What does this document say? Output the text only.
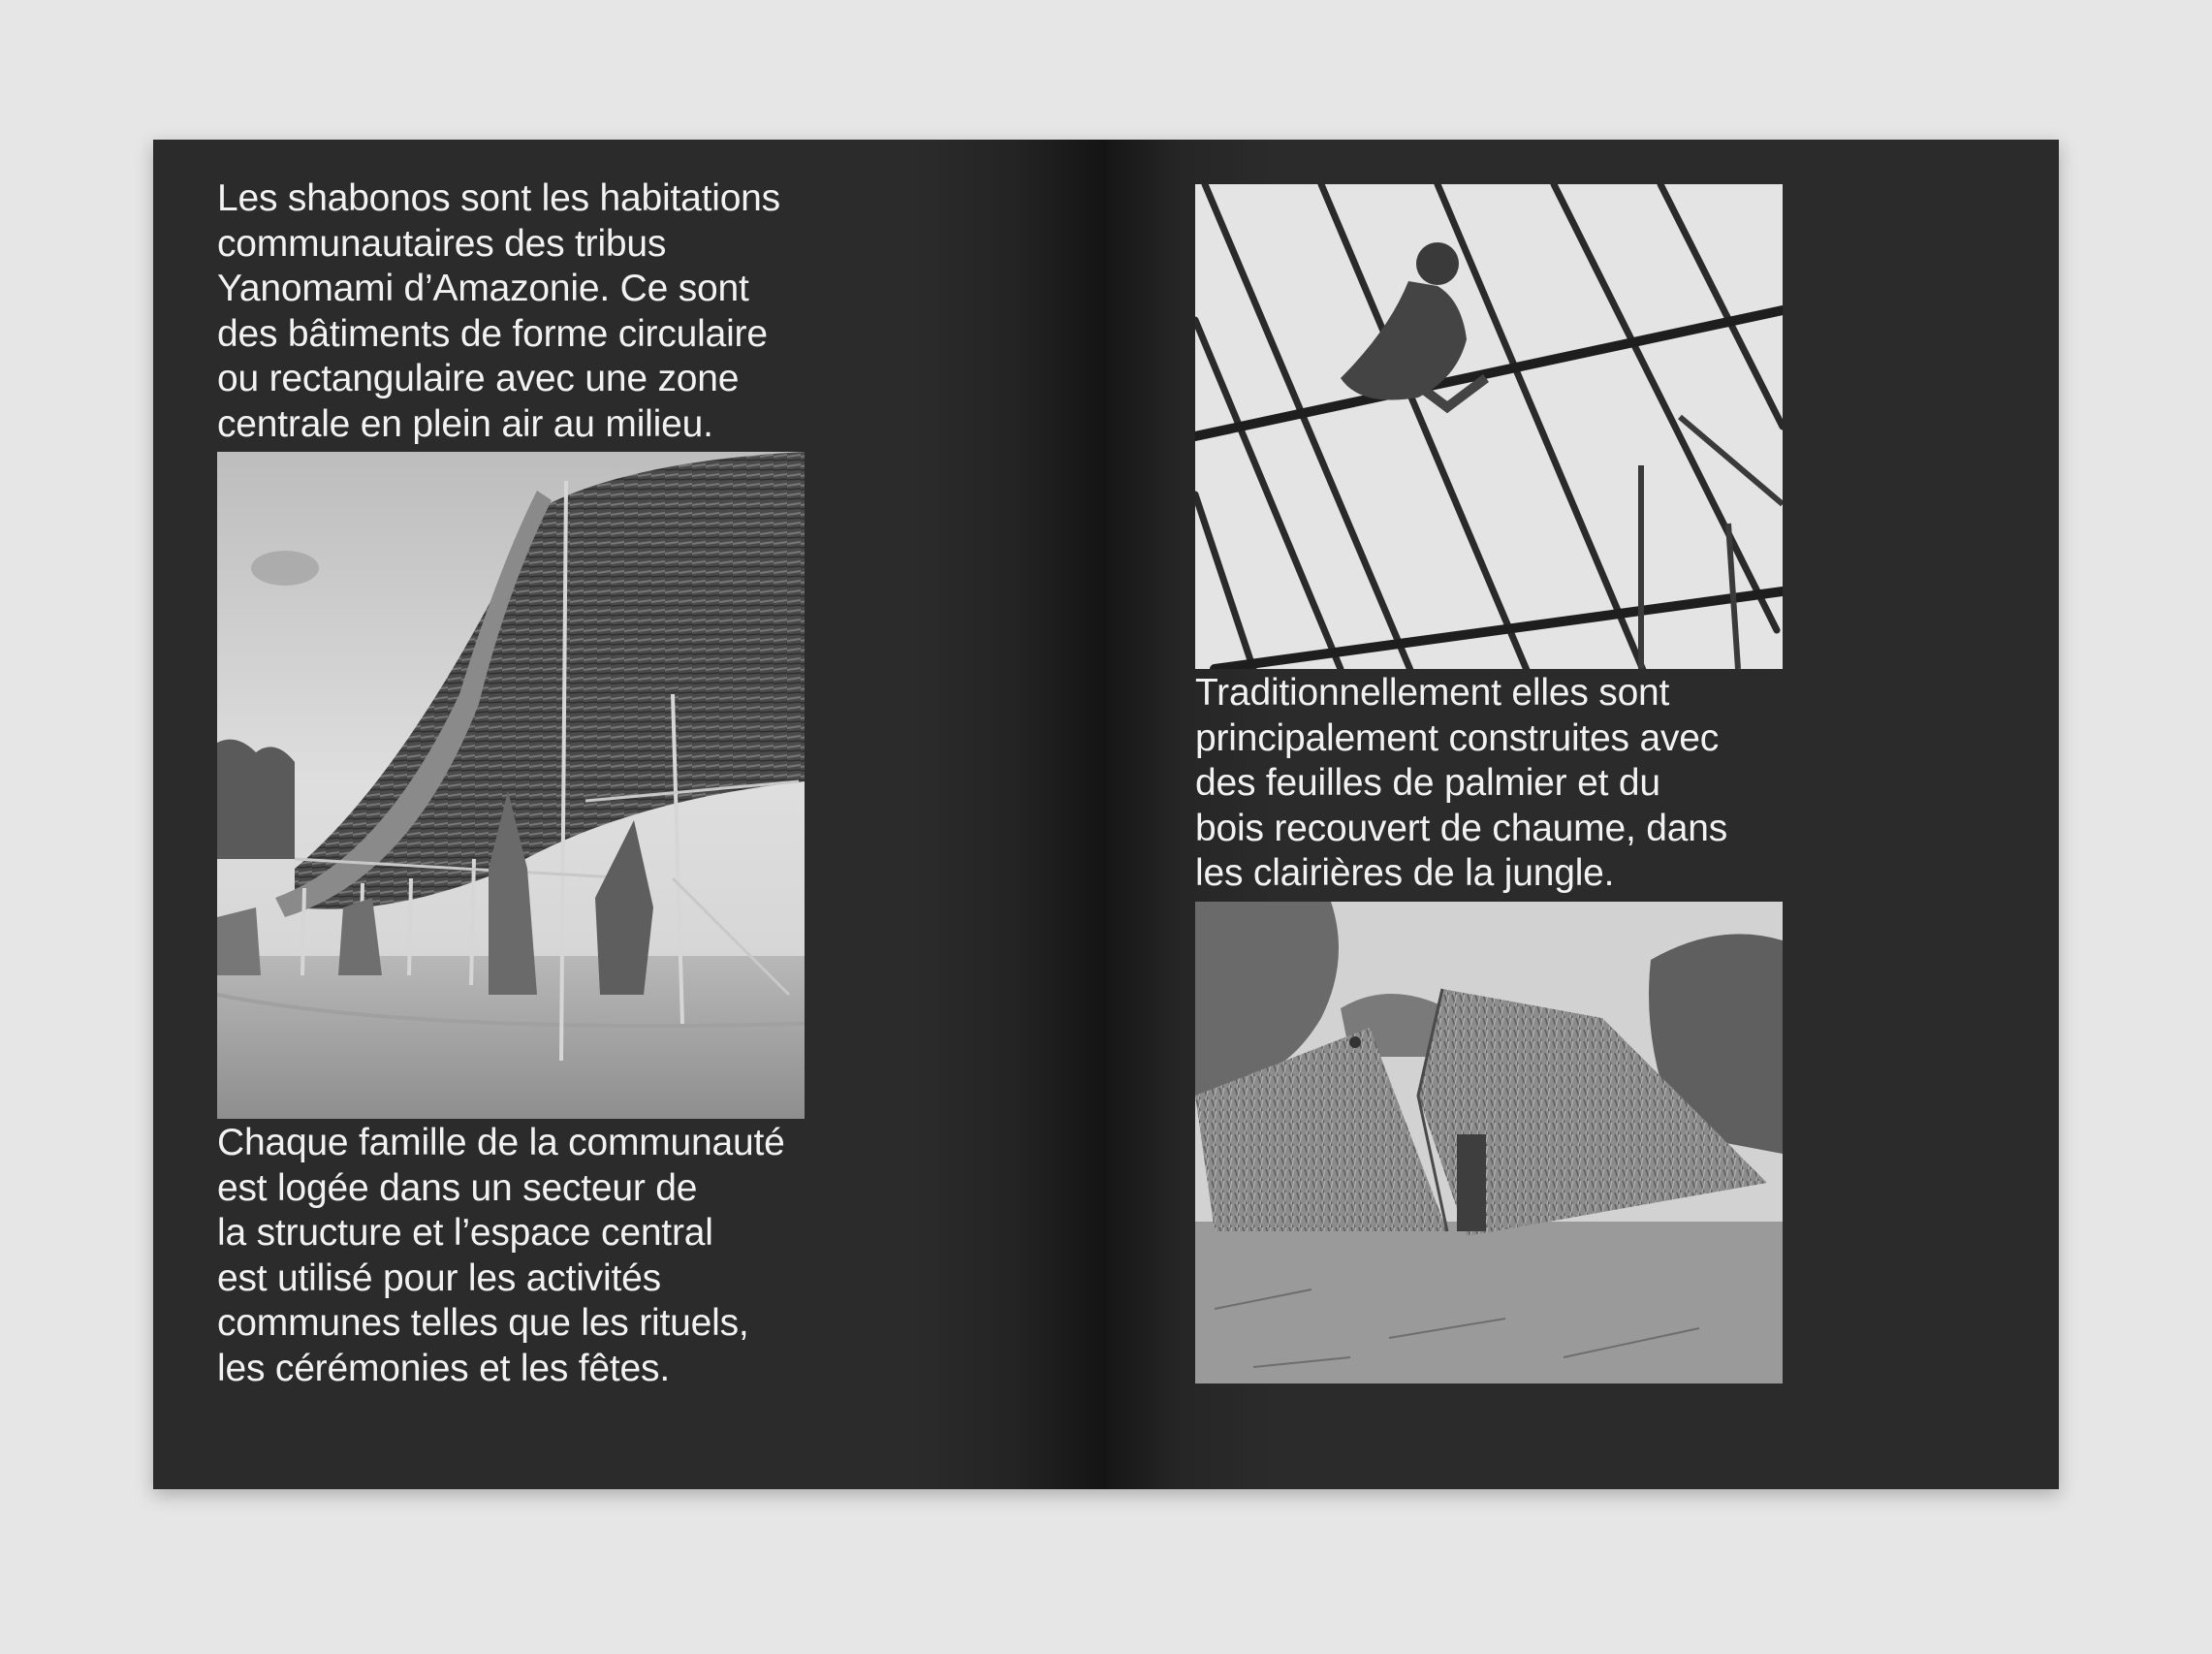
Les shabonos sont les habitations
communautaires des tribus
Yanomami d’Amazonie. Ce sont
des bâtiments de forme circulaire
ou rectangulaire avec une zone
centrale en plein air au milieu.

Chaque famille de la communauté
est logée dans un secteur de
la structure et l’espace central
est utilisé pour les activités
communes telles que les rituels,
les cérémonies et les fêtes.

Traditionnellement elles sont
principalement construites avec
des feuilles de palmier et du
bois recouvert de chaume, dans
les clairières de la jungle.
